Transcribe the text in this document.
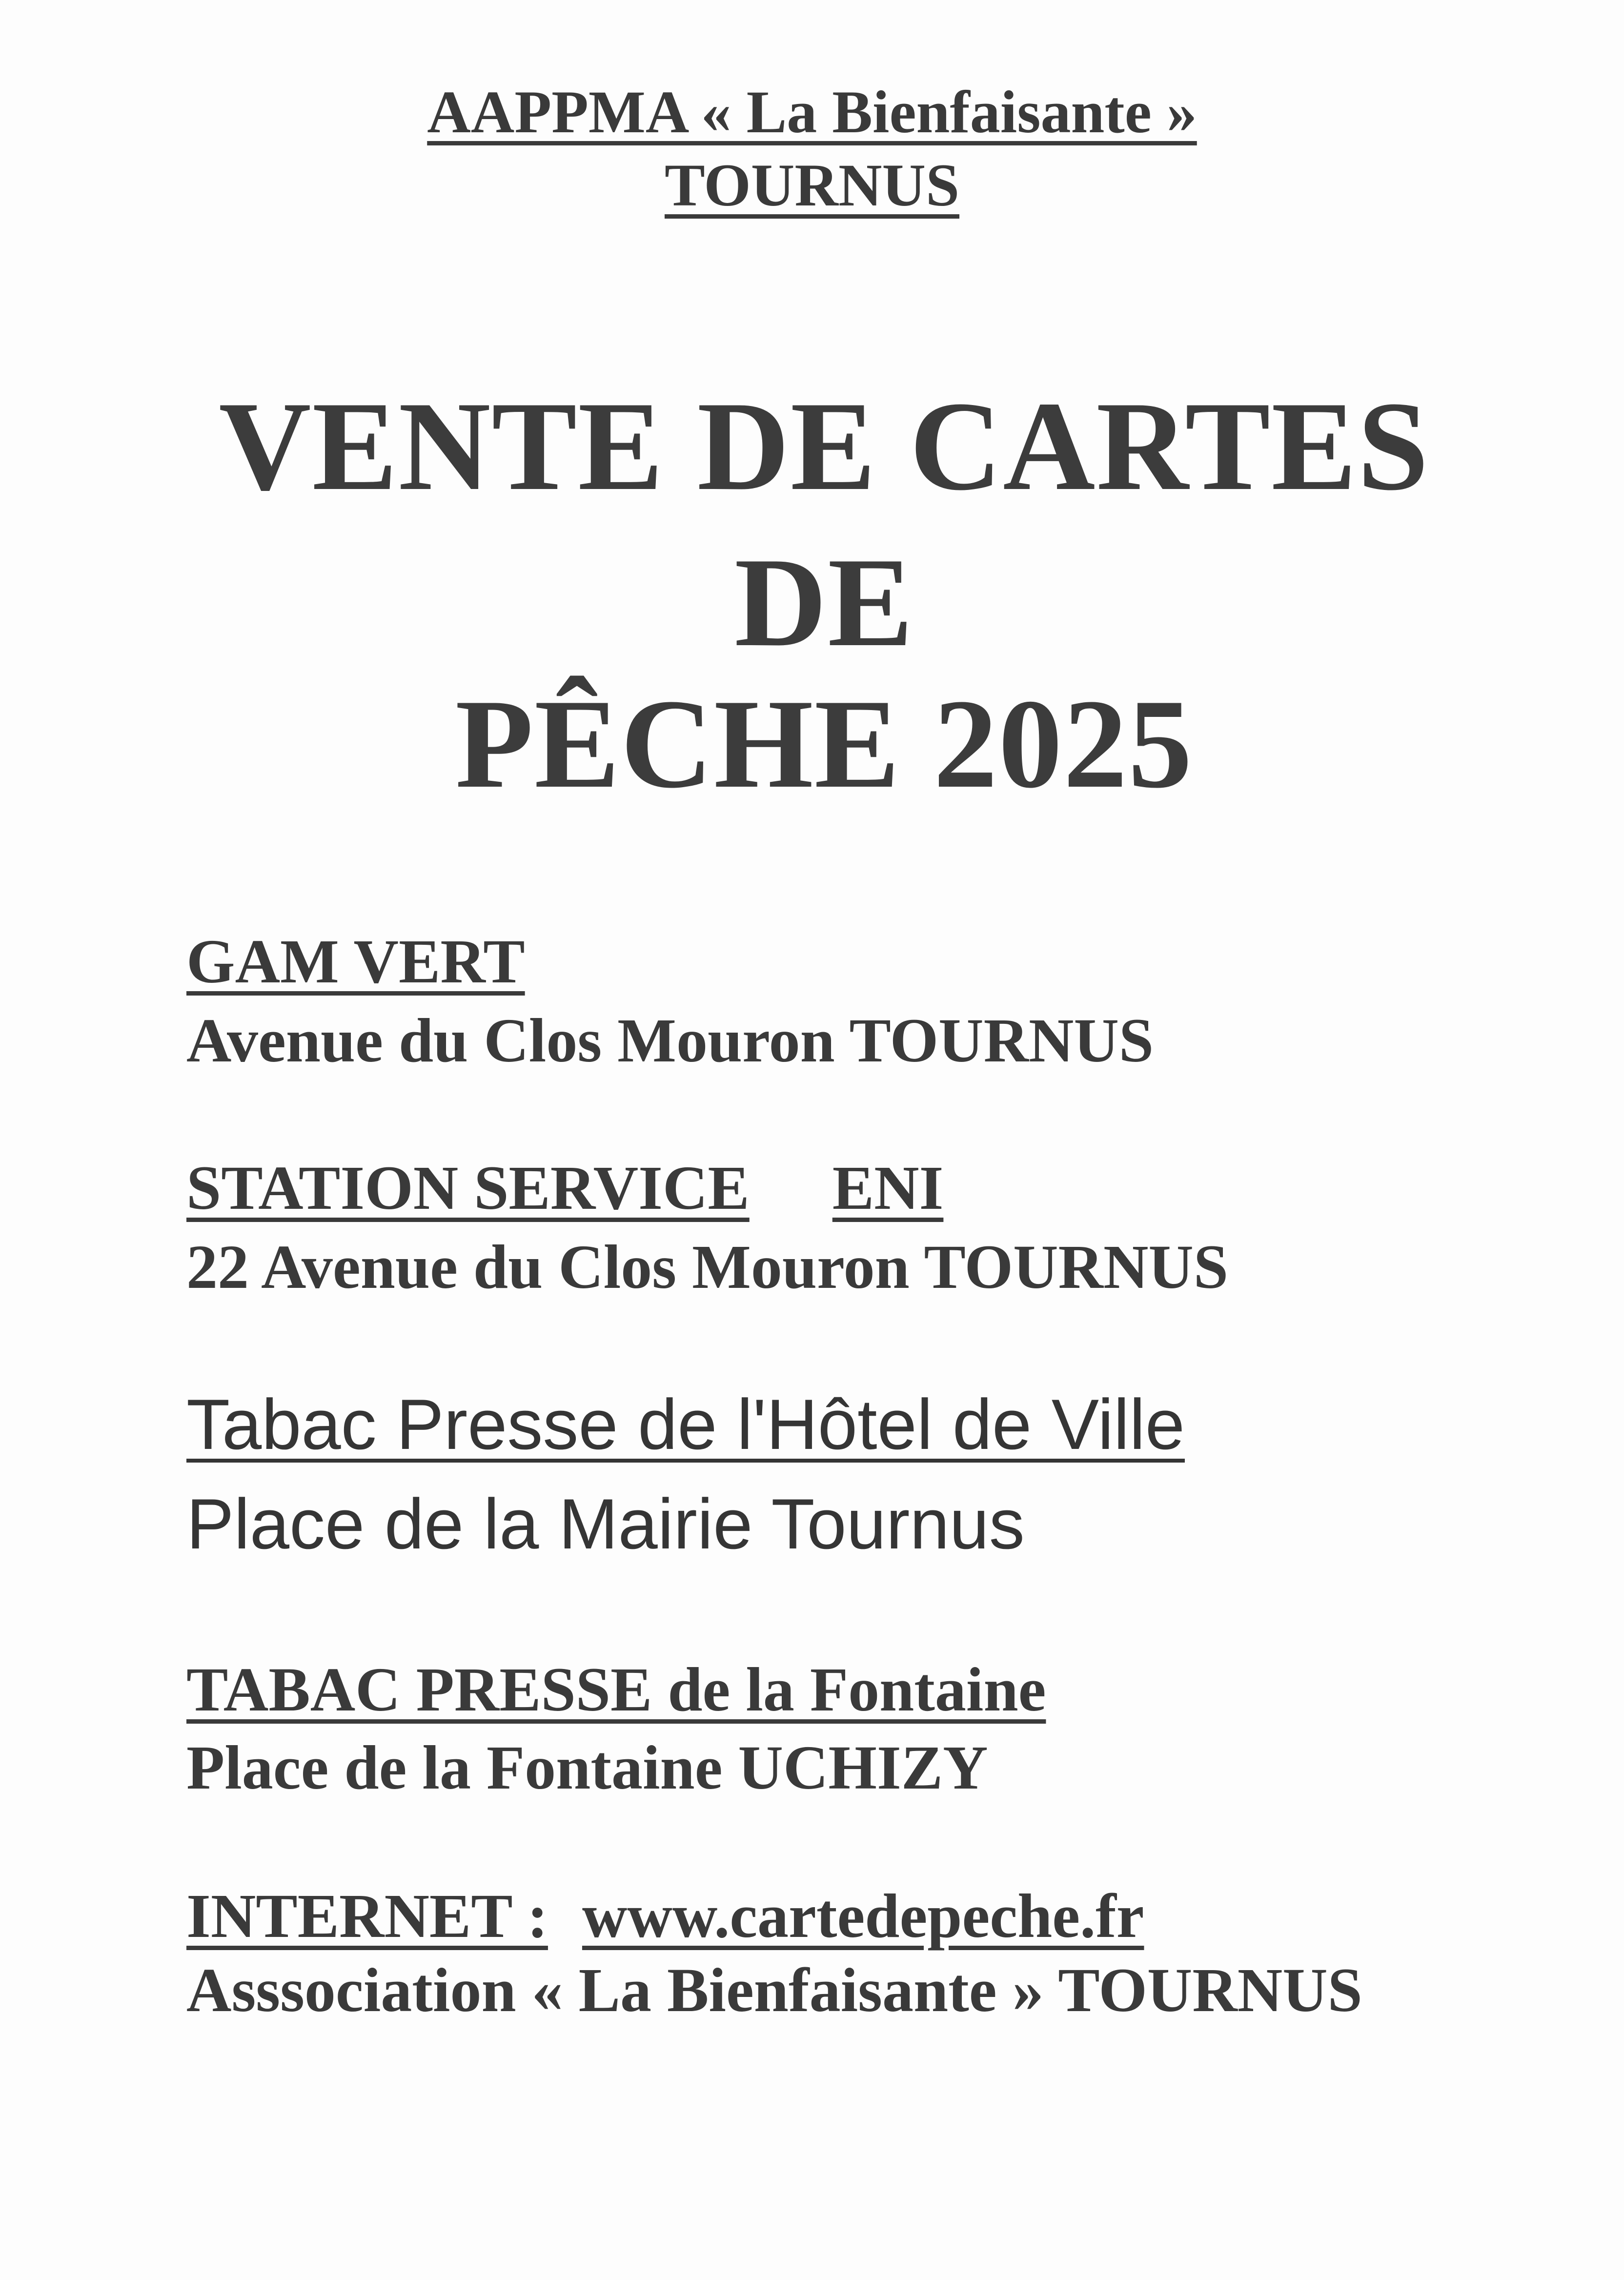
AAPPMA « La Bienfaisante »
TOURNUS
VENTE DE CARTES
DE
PÊCHE 2025
GAM VERT
Avenue du Clos Mouron TOURNUS
STATION SERVICE ENI
22 Avenue du Clos Mouron TOURNUS
Tabac Presse de l'Hôtel de Ville
Place de la Mairie Tournus
TABAC PRESSE de la Fontaine
Place de la Fontaine UCHIZY
INTERNET : www.cartedepeche.fr
Asssociation « La Bienfaisante » TOURNUS
